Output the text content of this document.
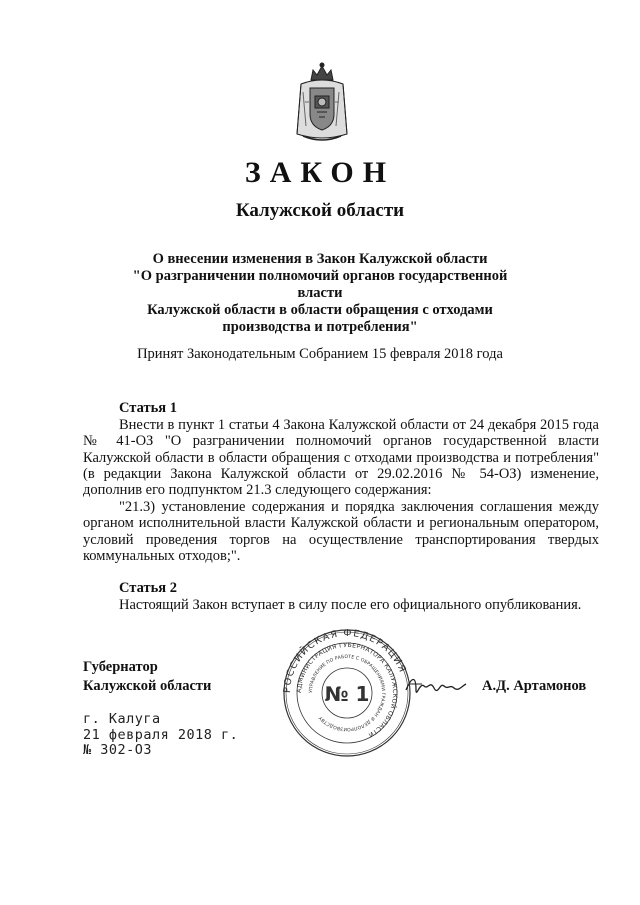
ЗАКОН
Калужской области
О внесении изменения в Закон Калужской области
"О разграничении полномочий органов государственной власти
Калужской области в области обращения с отходами
производства и потребления"
Принят Законодательным Собранием 15 февраля 2018 года
Статья 1
Внести в пункт 1 статьи 4 Закона Калужской области от 24 декабря 2015 года № 41-ОЗ "О разграничении полномочий органов государственной власти Калужской области в области обращения с отходами производства и потребления" (в редакции Закона Калужской области от 29.02.2016 № 54-ОЗ) изменение, дополнив его подпунктом 21.3 следующего содержания:
"21.3) установление содержания и порядка заключения соглашения между органом исполнительной власти Калужской области и региональным оператором, условий проведения торгов на осуществление транспортирования твердых коммунальных отходов;".
Статья 2
Настоящий Закон вступает в силу после его официального опубликования.
Губернатор
Калужской области	РОССИЙСКАЯ ФЕДЕРАЦИЯ
АДМИНИСТРАЦИЯ ГУБЕРНАТОРА КАЛУЖСКОЙ ОБЛАСТИ
УПРАВЛЕНИЕ ПО РАБОТЕ С ОБРАЩЕНИЯМИ ГРАЖДАН И ДЕЛОПРОИЗВОДСТВУ
№ 1	А.Д. Артамонов
г. Калуга
21 февраля 2018 г.
№ 302-ОЗ
